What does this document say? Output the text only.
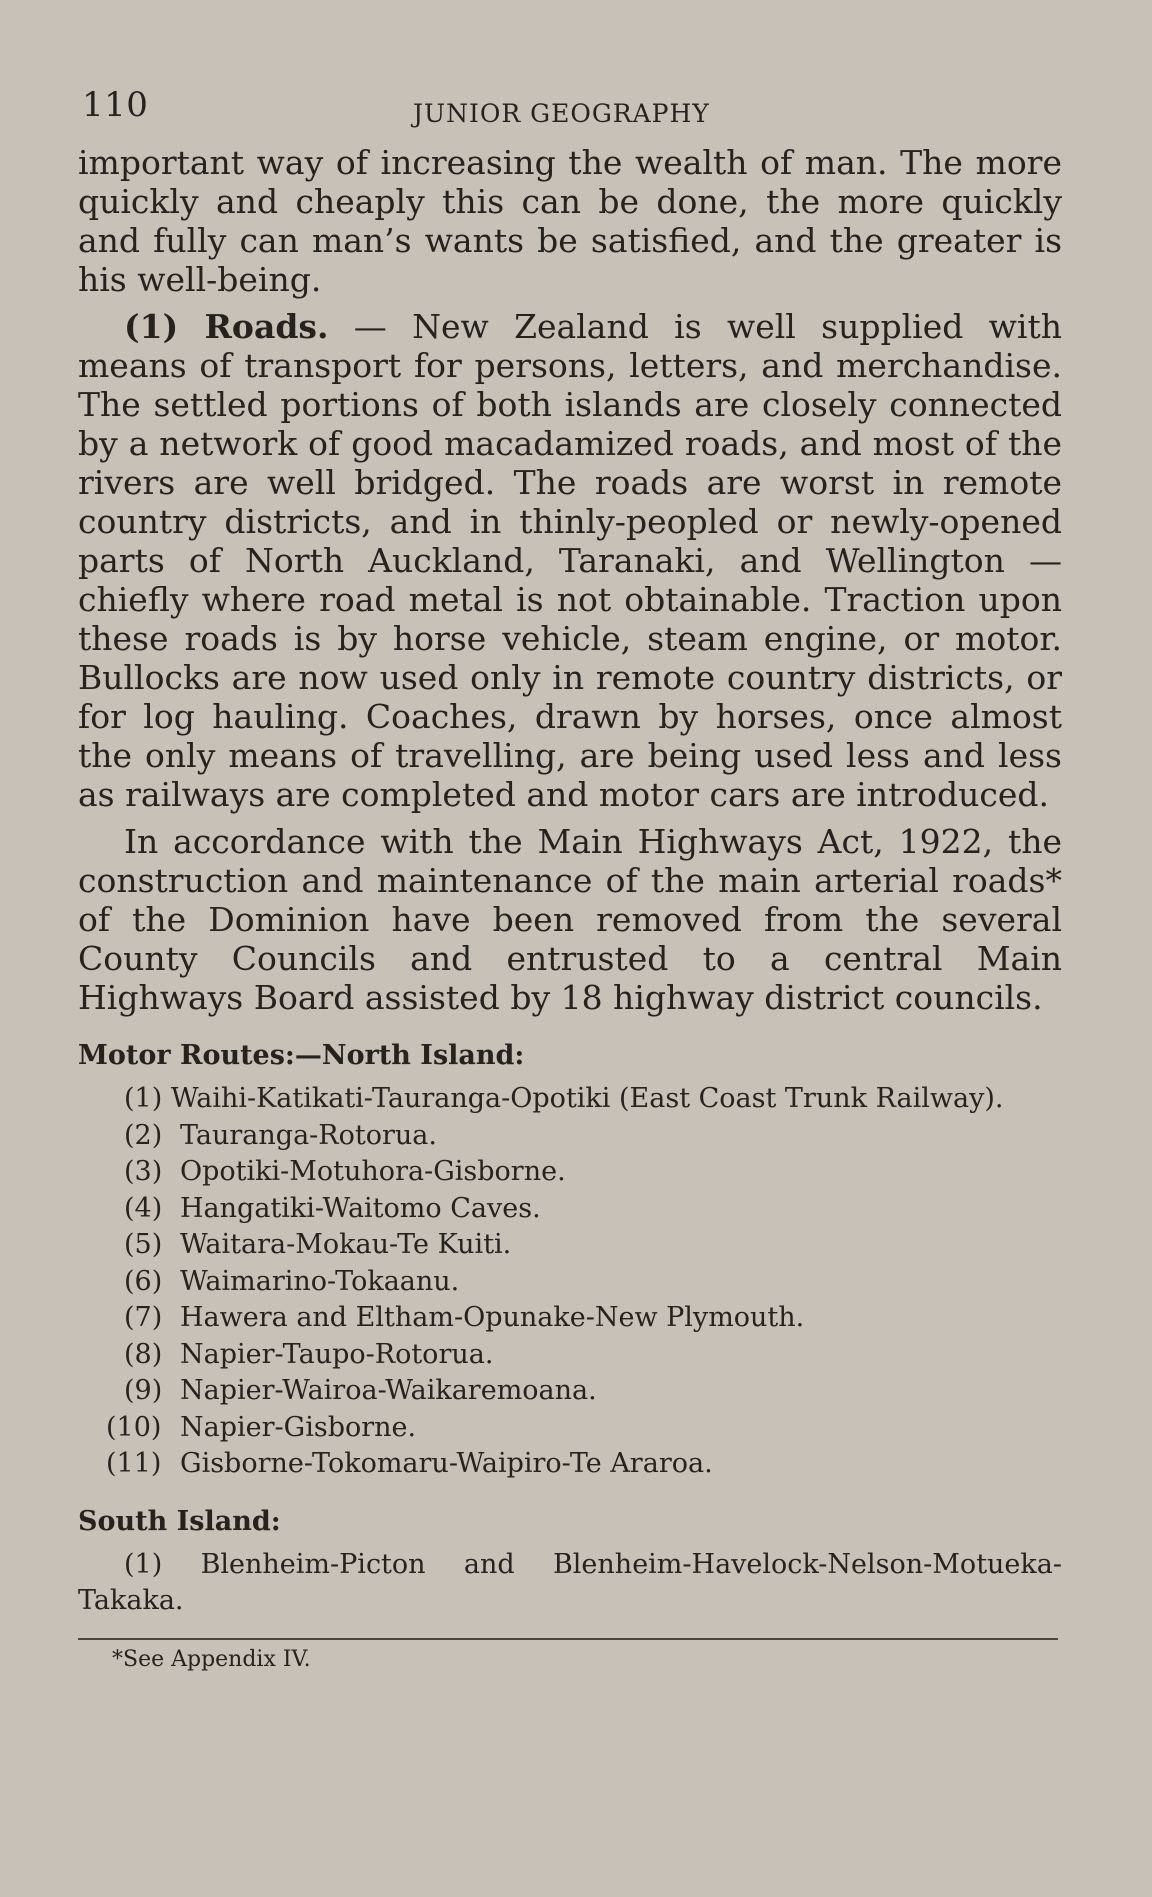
110	JUNIOR GEOGRAPHY

important way of increasing the wealth of man. The more quickly and cheaply this can be done, the more quickly and fully can man’s wants be satisfied, and the greater is his well-being.

(1) Roads. — New Zealand is well supplied with means of transport for persons, letters, and merchandise. The settled portions of both islands are closely connected by a network of good macadamized roads, and most of the rivers are well bridged. The roads are worst in remote country districts, and in thinly-peopled or newly-opened parts of North Auckland, Taranaki, and Wellington — chiefly where road metal is not obtainable. Traction upon these roads is by horse vehicle, steam engine, or motor. Bullocks are now used only in remote country districts, or for log hauling. Coaches, drawn by horses, once almost the only means of travelling, are being used less and less as railways are completed and motor cars are introduced.

In accordance with the Main Highways Act, 1922, the construction and maintenance of the main arterial roads* of the Dominion have been removed from the several County Councils and entrusted to a central Main Highways Board assisted by 18 highway district councils.

Motor Routes:—North Island:
(1) Waihi-Katikati-Tauranga-Opotiki (East Coast Trunk Railway).
(2) Tauranga-Rotorua.
(3) Opotiki-Motuhora-Gisborne.
(4) Hangatiki-Waitomo Caves.
(5) Waitara-Mokau-Te Kuiti.
(6) Waimarino-Tokaanu.
(7) Hawera and Eltham-Opunake-New Plymouth.
(8) Napier-Taupo-Rotorua.
(9) Napier-Wairoa-Waikaremoana.
(10) Napier-Gisborne.
(11) Gisborne-Tokomaru-Waipiro-Te Araroa.
South Island:
(1) Blenheim-Picton and Blenheim-Havelock-Nelson-Motueka-Takaka.

*See Appendix IV.
